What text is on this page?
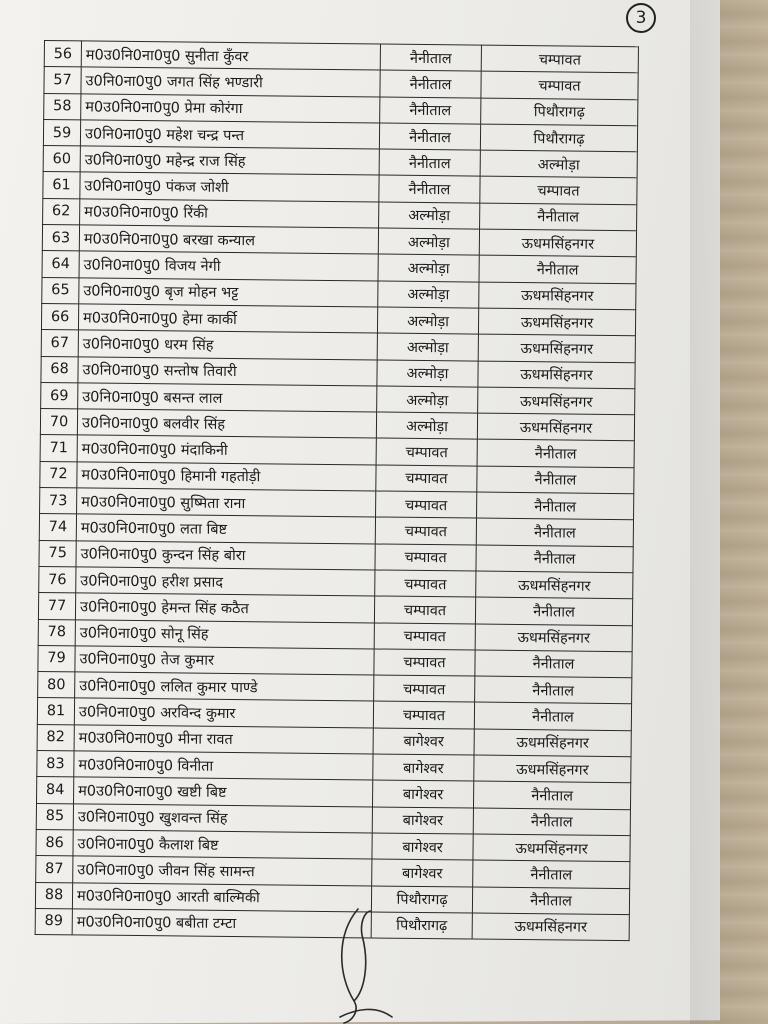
3
56	म0उ0नि0ना0पु0 सुनीता कुँवर	नैनीताल	चम्पावत
57	उ0नि0ना0पु0 जगत सिंह भण्डारी	नैनीताल	चम्पावत
58	म0उ0नि0ना0पु0 प्रेमा कोरंगा	नैनीताल	पिथौरागढ़
59	उ0नि0ना0पु0 महेश चन्द्र पन्त	नैनीताल	पिथौरागढ़
60	उ0नि0ना0पु0 महेन्द्र राज सिंह	नैनीताल	अल्मोड़ा
61	उ0नि0ना0पु0 पंकज जोशी	नैनीताल	चम्पावत
62	म0उ0नि0ना0पु0 रिंकी	अल्मोड़ा	नैनीताल
63	म0उ0नि0ना0पु0 बरखा कन्याल	अल्मोड़ा	ऊधमसिंहनगर
64	उ0नि0ना0पु0 विजय नेगी	अल्मोड़ा	नैनीताल
65	उ0नि0ना0पु0 बृज मोहन भट्ट	अल्मोड़ा	ऊधमसिंहनगर
66	म0उ0नि0ना0पु0 हेमा कार्की	अल्मोड़ा	ऊधमसिंहनगर
67	उ0नि0ना0पु0 धरम सिंह	अल्मोड़ा	ऊधमसिंहनगर
68	उ0नि0ना0पु0 सन्तोष तिवारी	अल्मोड़ा	ऊधमसिंहनगर
69	उ0नि0ना0पु0 बसन्त लाल	अल्मोड़ा	ऊधमसिंहनगर
70	उ0नि0ना0पु0 बलवीर सिंह	अल्मोड़ा	ऊधमसिंहनगर
71	म0उ0नि0ना0पु0 मंदाकिनी	चम्पावत	नैनीताल
72	म0उ0नि0ना0पु0 हिमानी गहतोड़ी	चम्पावत	नैनीताल
73	म0उ0नि0ना0पु0 सुष्मिता राना	चम्पावत	नैनीताल
74	म0उ0नि0ना0पु0 लता बिष्ट	चम्पावत	नैनीताल
75	उ0नि0ना0पु0 कुन्दन सिंह बोरा	चम्पावत	नैनीताल
76	उ0नि0ना0पु0 हरीश प्रसाद	चम्पावत	ऊधमसिंहनगर
77	उ0नि0ना0पु0 हेमन्त सिंह कठैत	चम्पावत	नैनीताल
78	उ0नि0ना0पु0 सोनू सिंह	चम्पावत	ऊधमसिंहनगर
79	उ0नि0ना0पु0 तेज कुमार	चम्पावत	नैनीताल
80	उ0नि0ना0पु0 ललित कुमार पाण्डे	चम्पावत	नैनीताल
81	उ0नि0ना0पु0 अरविन्द कुमार	चम्पावत	नैनीताल
82	म0उ0नि0ना0पु0 मीना रावत	बागेश्वर	ऊधमसिंहनगर
83	म0उ0नि0ना0पु0 विनीता	बागेश्वर	ऊधमसिंहनगर
84	म0उ0नि0ना0पु0 खष्टी बिष्ट	बागेश्वर	नैनीताल
85	उ0नि0ना0पु0 खुशवन्त सिंह	बागेश्वर	नैनीताल
86	उ0नि0ना0पु0 कैलाश बिष्ट	बागेश्वर	ऊधमसिंहनगर
87	उ0नि0ना0पु0 जीवन सिंह सामन्त	बागेश्वर	नैनीताल
88	म0उ0नि0ना0पु0 आरती बाल्मिकी	पिथौरागढ़	नैनीताल
89	म0उ0नि0ना0पु0 बबीता टम्टा	पिथौरागढ़	ऊधमसिंहनगर
